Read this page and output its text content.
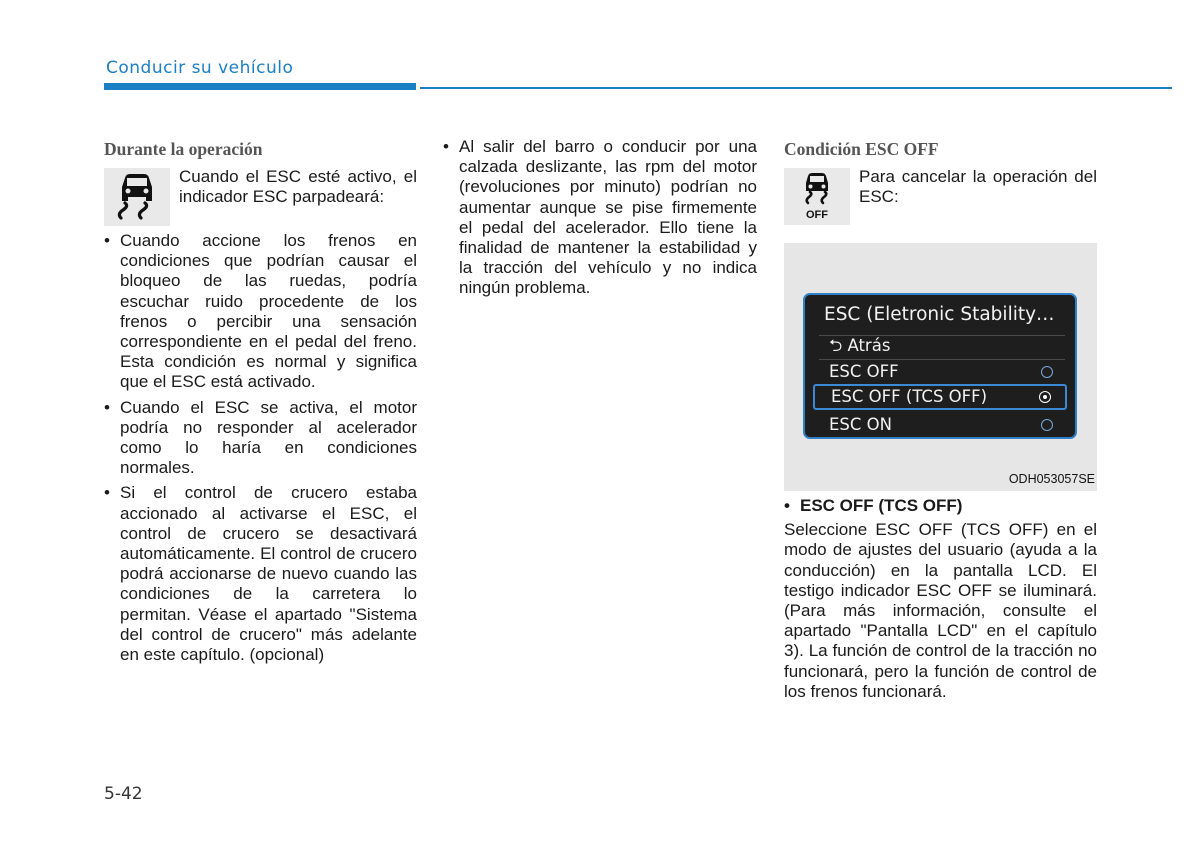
Conducir su vehículo
Durante la operación
Cuando el ESC esté activo, el indicador ESC parpadeará:
• Cuando accione los frenos en condiciones que podrían causar el bloqueo de las ruedas, podría escuchar ruido procedente de los frenos o percibir una sensación correspondiente en el pedal del freno. Esta condición es normal y significa que el ESC está activado.
• Cuando el ESC se activa, el motor podría no responder al acelerador como lo haría en condiciones normales.
• Si el control de crucero estaba accionado al activarse el ESC, el control de crucero se desactivará automáticamente. El control de crucero podrá accionarse de nuevo cuando las condiciones de la carretera lo permitan. Véase el apartado "Sistema del control de crucero" más adelante en este capítulo. (opcional)
• Al salir del barro o conducir por una calzada deslizante, las rpm del motor (revoluciones por minuto) podrían no aumentar aunque se pise firmemente el pedal del acelerador. Ello tiene la finalidad de mantener la estabilidad y la tracción del vehículo y no indica ningún problema.
Condición ESC OFF
OFF
Para cancelar la operación del ESC:
ESC (Eletronic Stability…
⮌ Atrás
ESC OFF
ESC OFF (TCS OFF)
ESC ON
ODH053057SE
• ESC OFF (TCS OFF)
Seleccione ESC OFF (TCS OFF) en el modo de ajustes del usuario (ayuda a la conducción) en la pantalla LCD. El testigo indicador ESC OFF se iluminará. (Para más información, consulte el apartado "Pantalla LCD" en el capítulo 3). La función de control de la tracción no funcionará, pero la función de control de los frenos funcionará.
5-42
